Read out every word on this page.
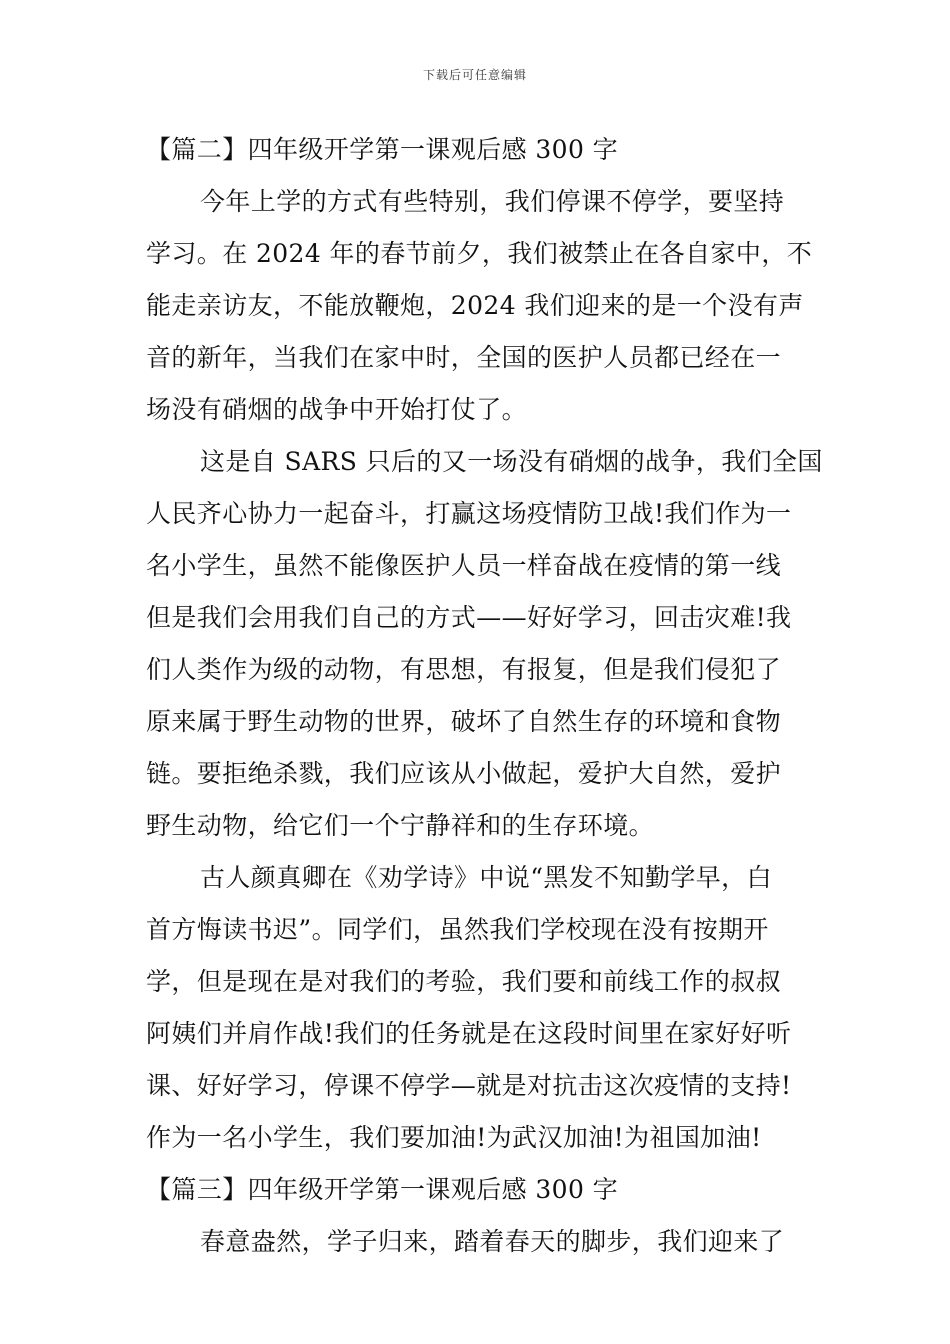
下载后可任意编辑
【篇二】四年级开学第一课观后感 300 字
今年上学的方式有些特别，我们停课不停学，要坚持
学习。在 2024 年的春节前夕，我们被禁止在各自家中，不
能走亲访友，不能放鞭炮，2024 我们迎来的是一个没有声
音的新年，当我们在家中时，全国的医护人员都已经在一
场没有硝烟的战争中开始打仗了。
这是自 SARS 只后的又一场没有硝烟的战争，我们全国
人民齐心协力一起奋斗，打赢这场疫情防卫战!我们作为一
名小学生，虽然不能像医护人员一样奋战在疫情的第一线
但是我们会用我们自己的方式——好好学习，回击灾难!我
们人类作为级的动物，有思想，有报复，但是我们侵犯了
原来属于野生动物的世界，破坏了自然生存的环境和食物
链。要拒绝杀戮，我们应该从小做起，爱护大自然，爱护
野生动物，给它们一个宁静祥和的生存环境。
古人颜真卿在《劝学诗》中说“黑发不知勤学早，白
首方悔读书迟”。同学们，虽然我们学校现在没有按期开
学，但是现在是对我们的考验，我们要和前线工作的叔叔
阿姨们并肩作战!我们的任务就是在这段时间里在家好好听
课、好好学习，停课不停学—就是对抗击这次疫情的支持!
作为一名小学生，我们要加油!为武汉加油!为祖国加油!
【篇三】四年级开学第一课观后感 300 字
春意盎然，学子归来，踏着春天的脚步，我们迎来了
